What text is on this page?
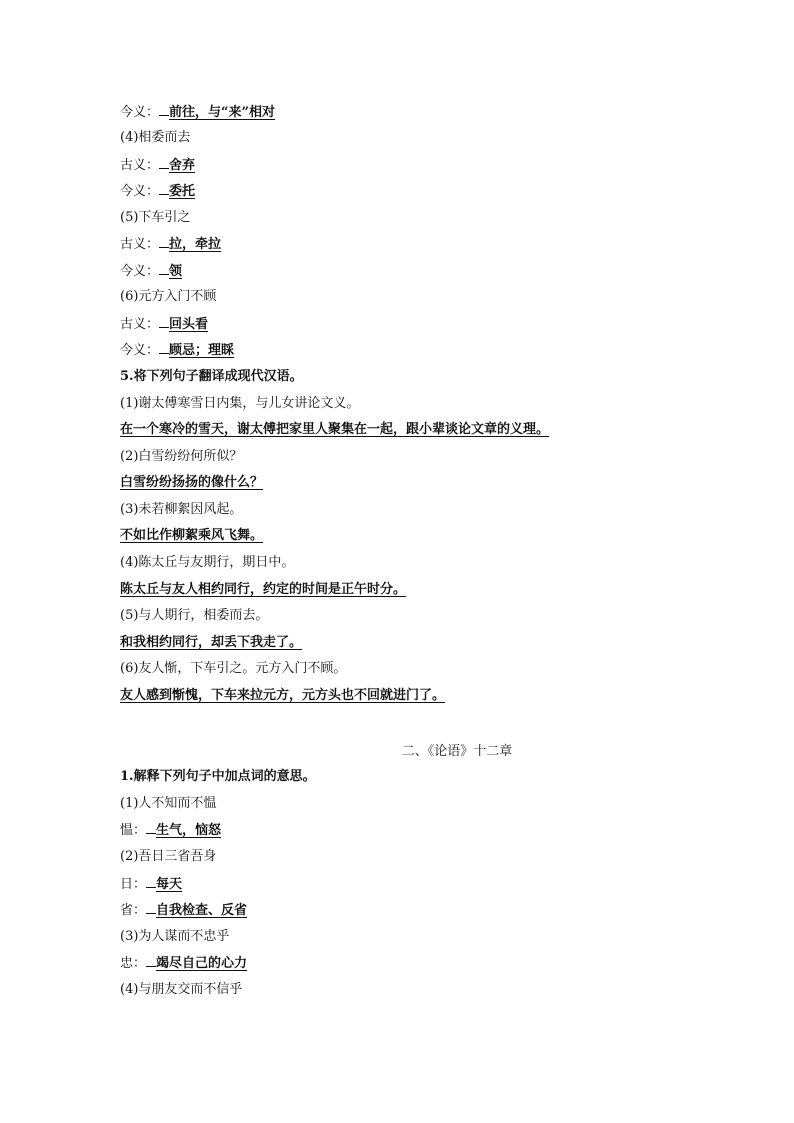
今义： 前往，与“来”相对
(4)相委而去
古义： 舍弃
今义： 委托
(5)下车引之
古义： 拉，牵拉
今义： 领
(6)元方入门不顾
古义： 回头看
今义： 顾忌；理睬
5.将下列句子翻译成现代汉语。
(1)谢太傅寒雪日内集，与儿女讲论文义。
在一个寒冷的雪天，谢太傅把家里人聚集在一起，跟小辈谈论文章的义理。
(2)白雪纷纷何所似？
白雪纷纷扬扬的像什么？
(3)未若柳絮因风起。
不如比作柳絮乘风飞舞。
(4)陈太丘与友期行，期日中。
陈太丘与友人相约同行，约定的时间是正午时分。
(5)与人期行，相委而去。
和我相约同行，却丢下我走了。
(6)友人惭，下车引之。元方入门不顾。
友人感到惭愧，下车来拉元方，元方头也不回就进门了。
二、《论语》十二章
1.解释下列句子中加点词的意思。
(1)人不知而不愠
愠： 生气，恼怒
(2)吾日三省吾身
日： 每天
省： 自我检查、反省
(3)为人谋而不忠乎
忠： 竭尽自己的心力
(4)与朋友交而不信乎
